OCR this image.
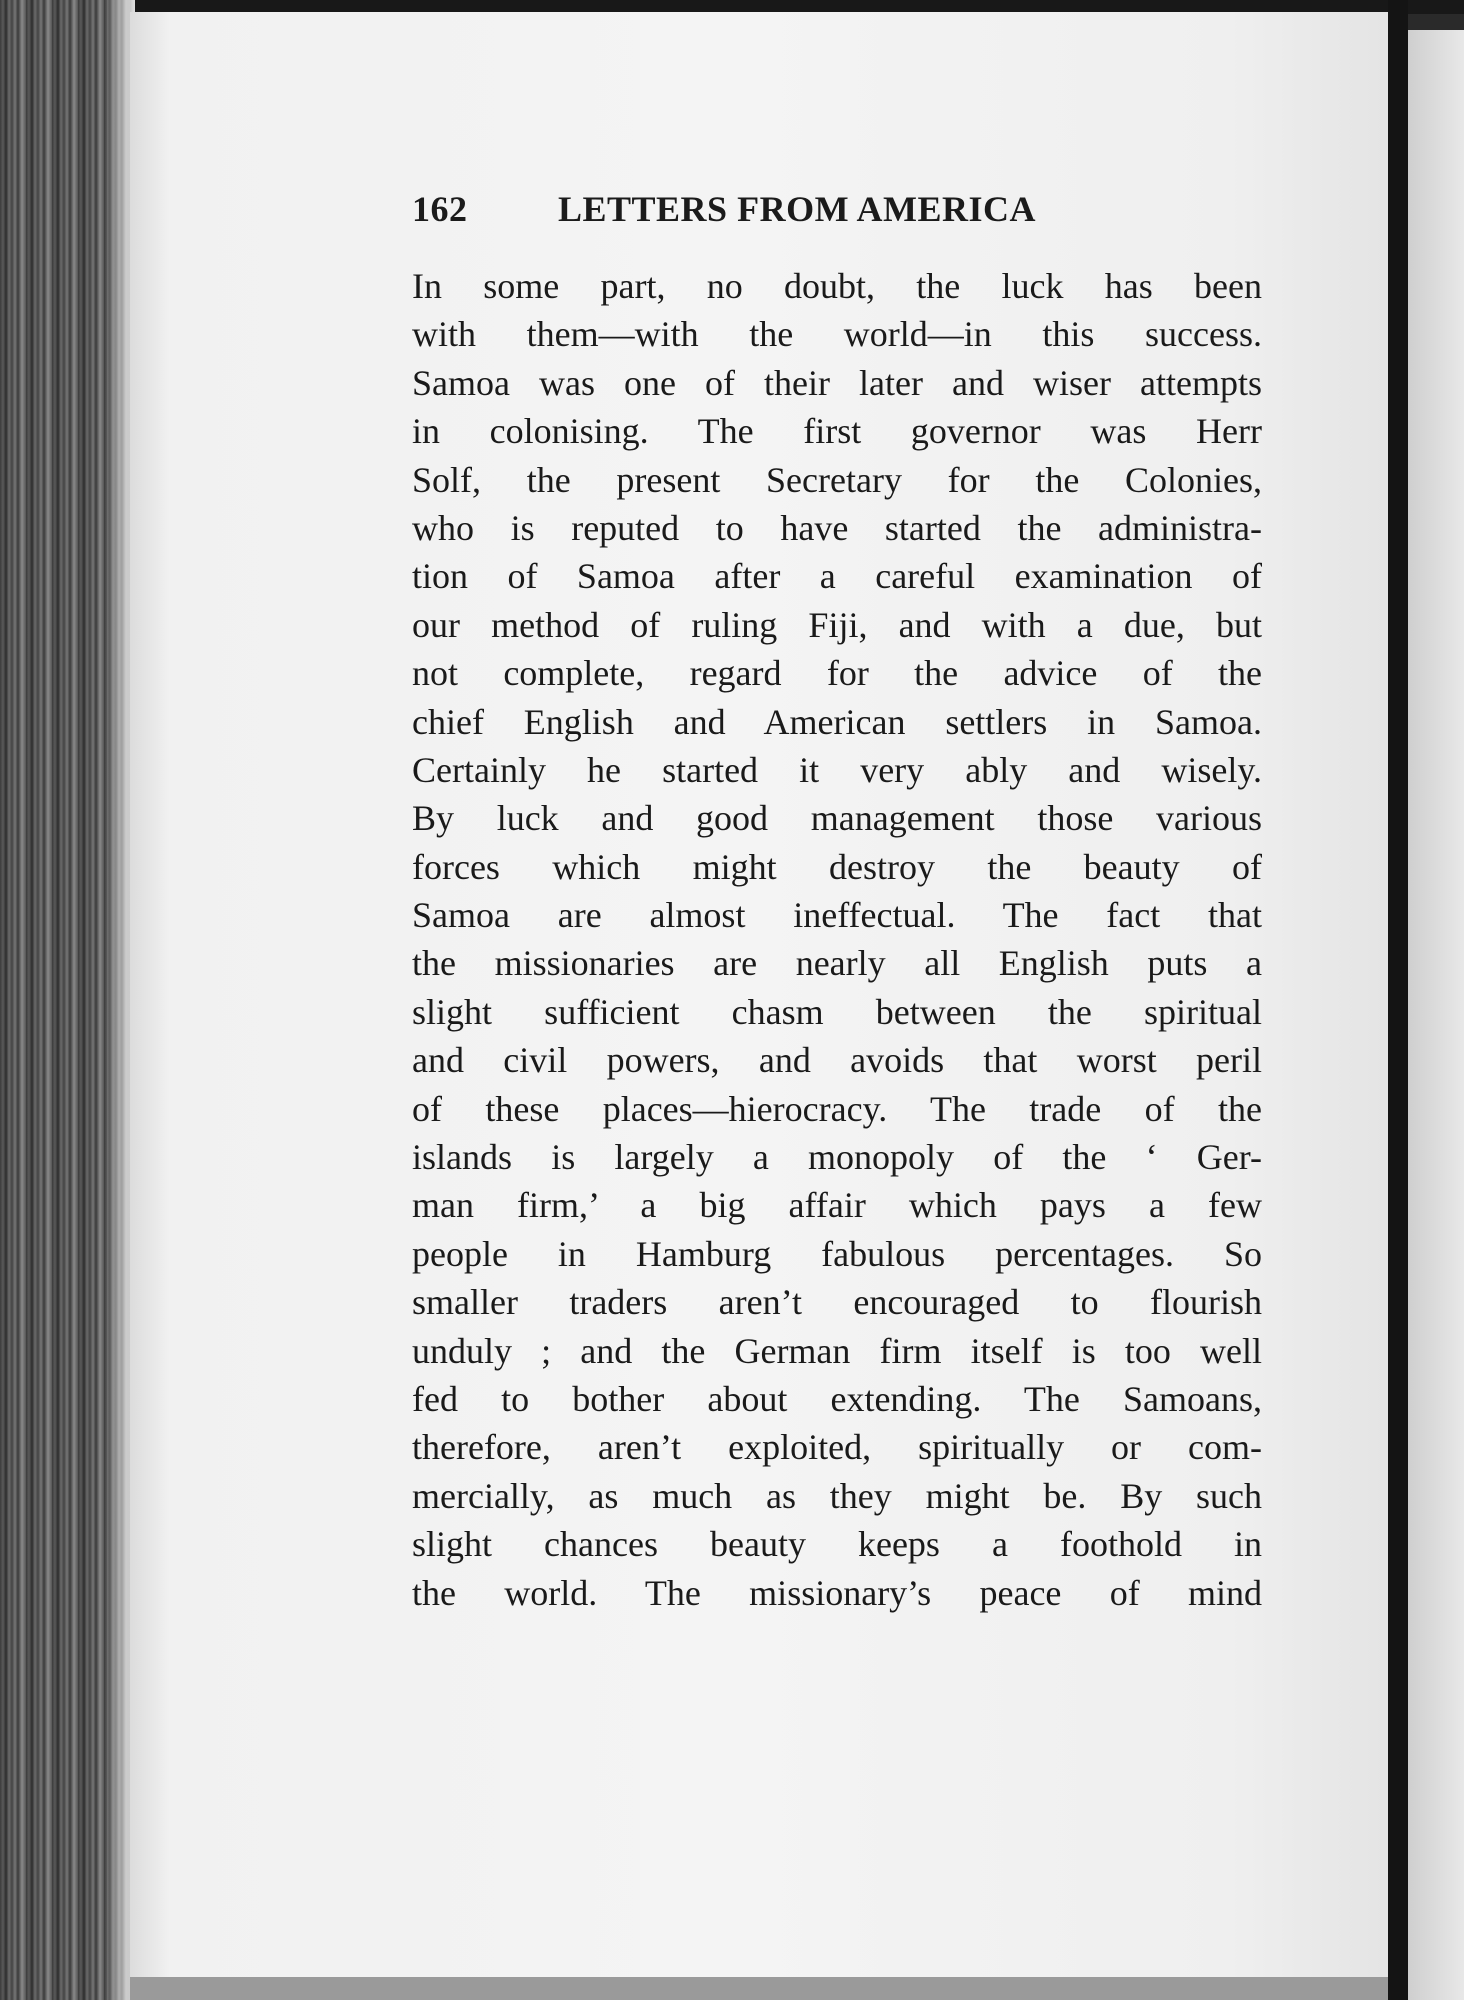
162	LETTERS FROM AMERICA
In some part, no doubt, the luck has been
with them—with the world—in this success.
Samoa was one of their later and wiser attempts
in colonising. The first governor was Herr
Solf, the present Secretary for the Colonies,
who is reputed to have started the administra-
tion of Samoa after a careful examination of
our method of ruling Fiji, and with a due, but
not complete, regard for the advice of the
chief English and American settlers in Samoa.
Certainly he started it very ably and wisely.
By luck and good management those various
forces which might destroy the beauty of
Samoa are almost ineffectual. The fact that
the missionaries are nearly all English puts a
slight sufficient chasm between the spiritual
and civil powers, and avoids that worst peril
of these places—hierocracy. The trade of the
islands is largely a monopoly of the ‘ Ger-
man firm,’ a big affair which pays a few
people in Hamburg fabulous percentages. So
smaller traders aren’t encouraged to flourish
unduly ; and the German firm itself is too well
fed to bother about extending. The Samoans,
therefore, aren’t exploited, spiritually or com-
mercially, as much as they might be. By such
slight chances beauty keeps a foothold in
the world. The missionary’s peace of mind
